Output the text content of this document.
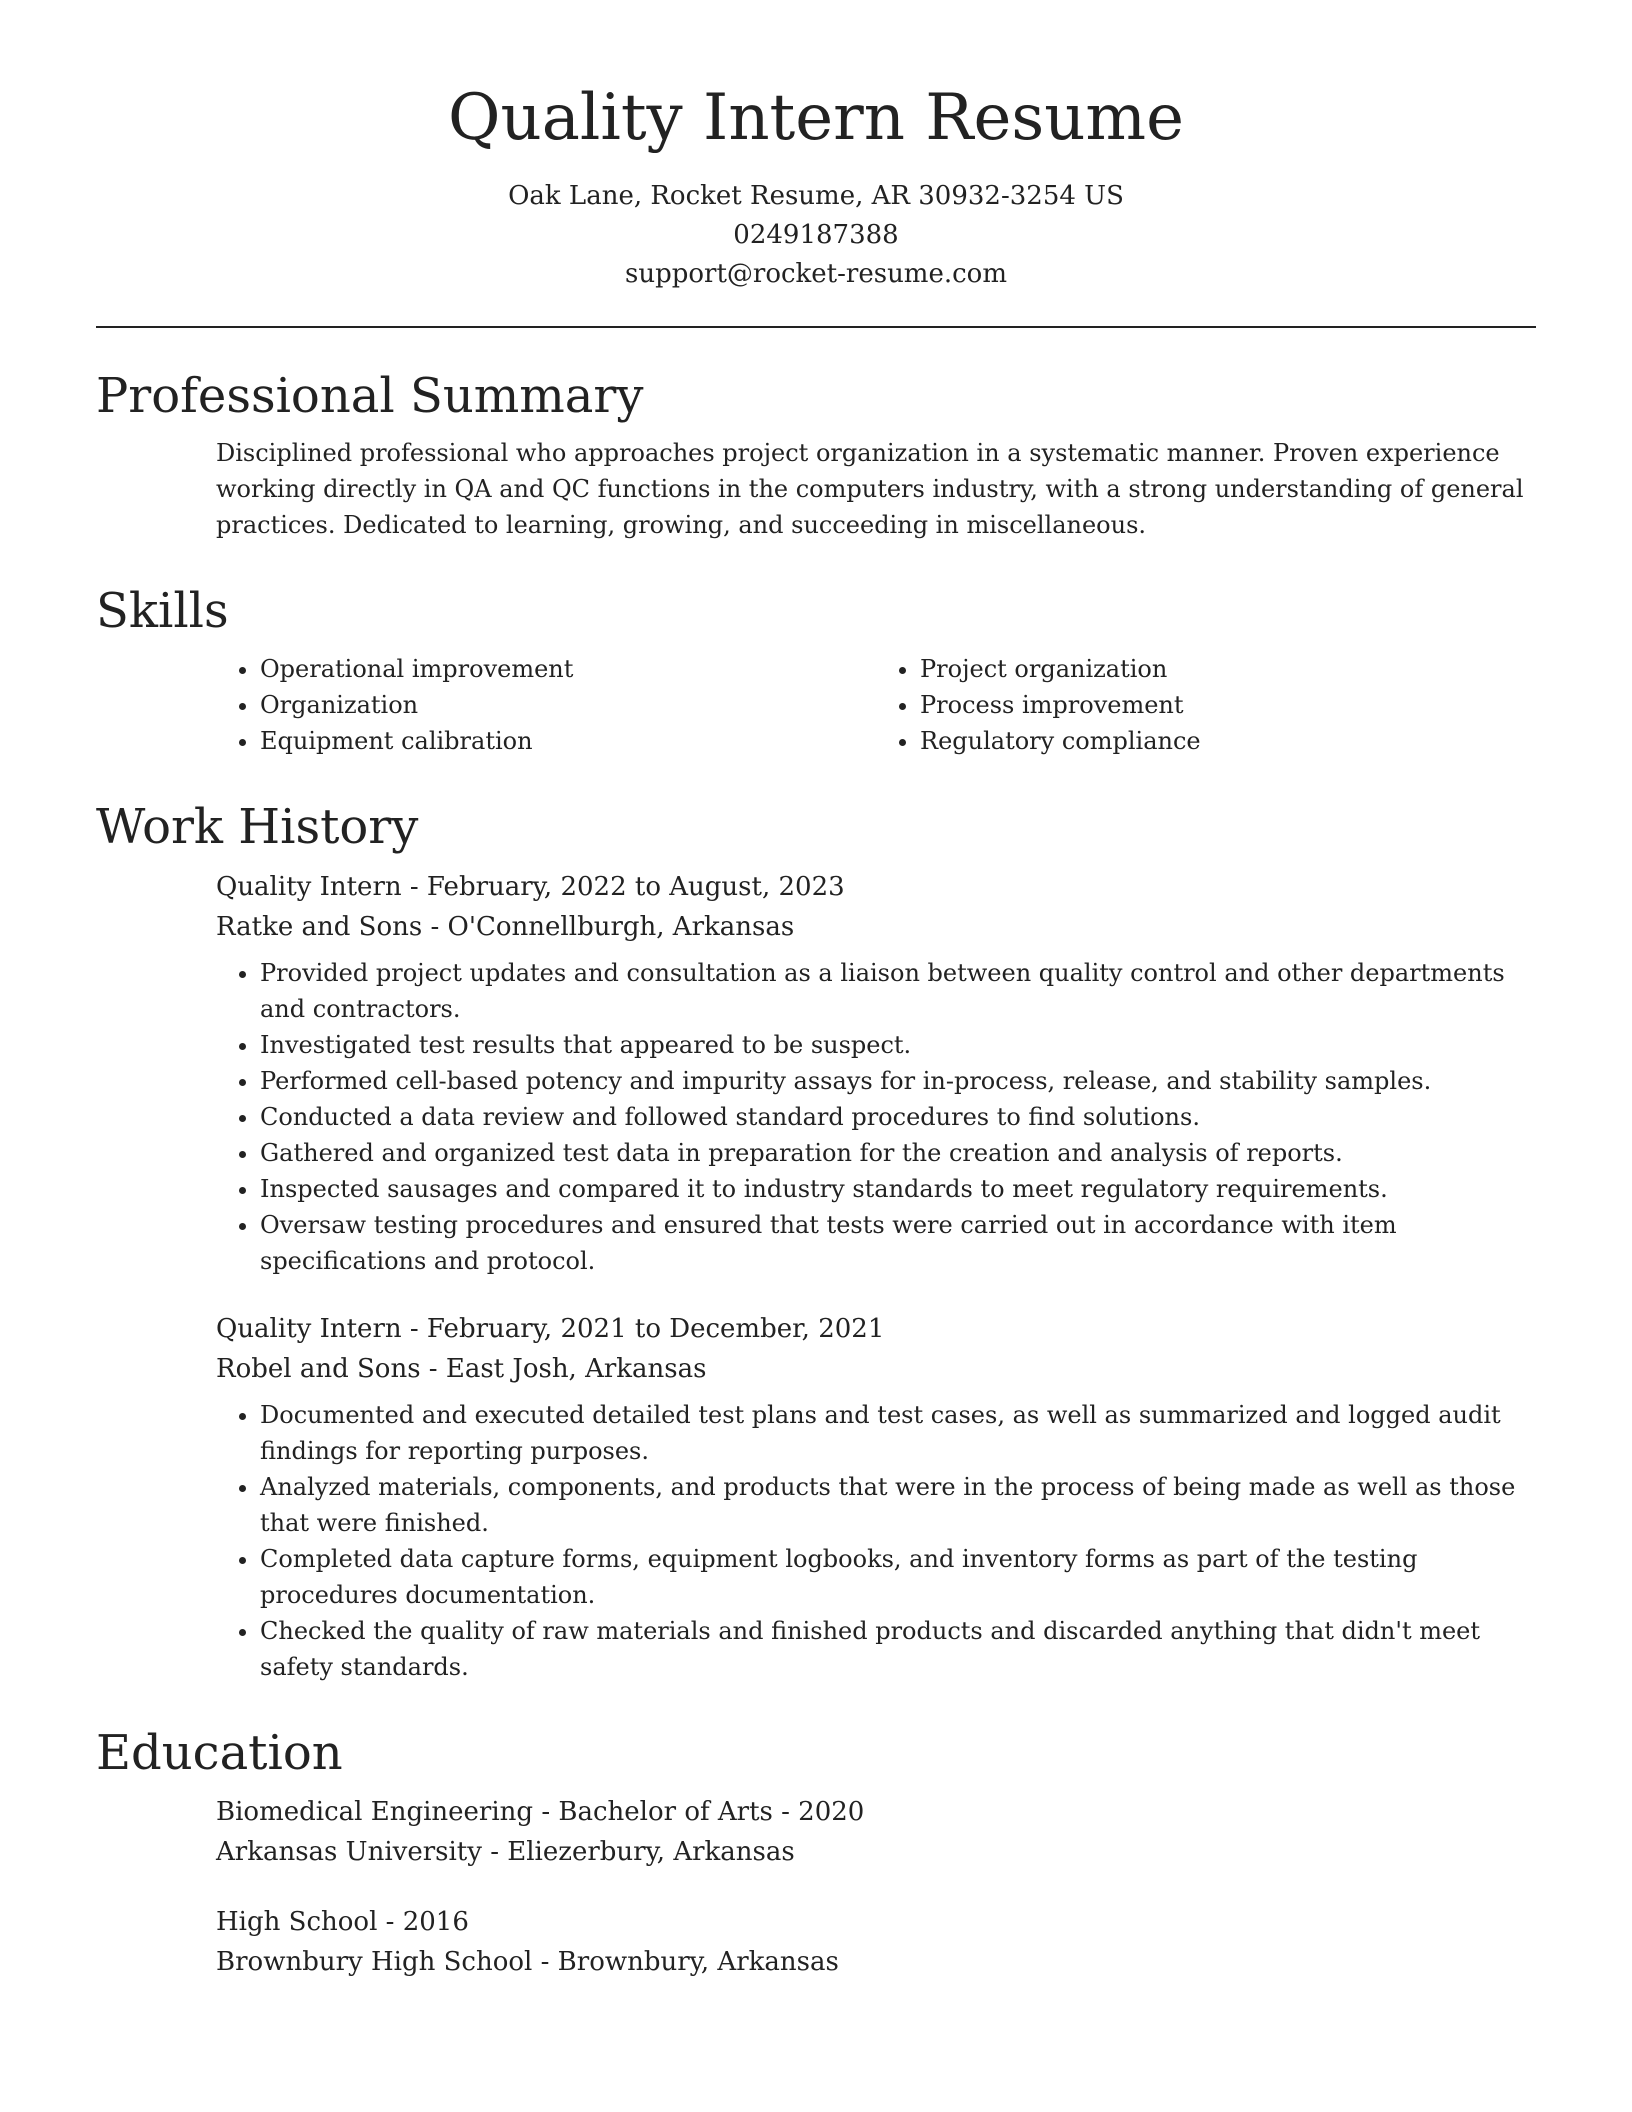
Quality Intern Resume
Oak Lane, Rocket Resume, AR 30932-3254 US
0249187388
support@rocket-resume.com
Professional Summary

Disciplined professional who approaches project organization in a systematic manner. Proven experience working directly in QA and QC functions in the computers industry, with a strong understanding of general practices. Dedicated to learning, growing, and succeeding in miscellaneous.

Skills
• Operational improvement
• Organization
• Equipment calibration
• Project organization
• Process improvement
• Regulatory compliance
Work History

Quality Intern - February, 2022 to August, 2023

Ratke and Sons - O'Connellburgh, Arkansas

• Provided project updates and consultation as a liaison between quality control and other departments and contractors.
• Investigated test results that appeared to be suspect.
• Performed cell-based potency and impurity assays for in-process, release, and stability samples.
• Conducted a data review and followed standard procedures to find solutions.
• Gathered and organized test data in preparation for the creation and analysis of reports.
• Inspected sausages and compared it to industry standards to meet regulatory requirements.
• Oversaw testing procedures and ensured that tests were carried out in accordance with item specifications and protocol.

Quality Intern - February, 2021 to December, 2021

Robel and Sons - East Josh, Arkansas

• Documented and executed detailed test plans and test cases, as well as summarized and logged audit findings for reporting purposes.
• Analyzed materials, components, and products that were in the process of being made as well as those that were finished.
• Completed data capture forms, equipment logbooks, and inventory forms as part of the testing procedures documentation.
• Checked the quality of raw materials and finished products and discarded anything that didn't meet safety standards.
Education

Biomedical Engineering - Bachelor of Arts - 2020

Arkansas University - Eliezerbury, Arkansas

High School - 2016

Brownbury High School - Brownbury, Arkansas
